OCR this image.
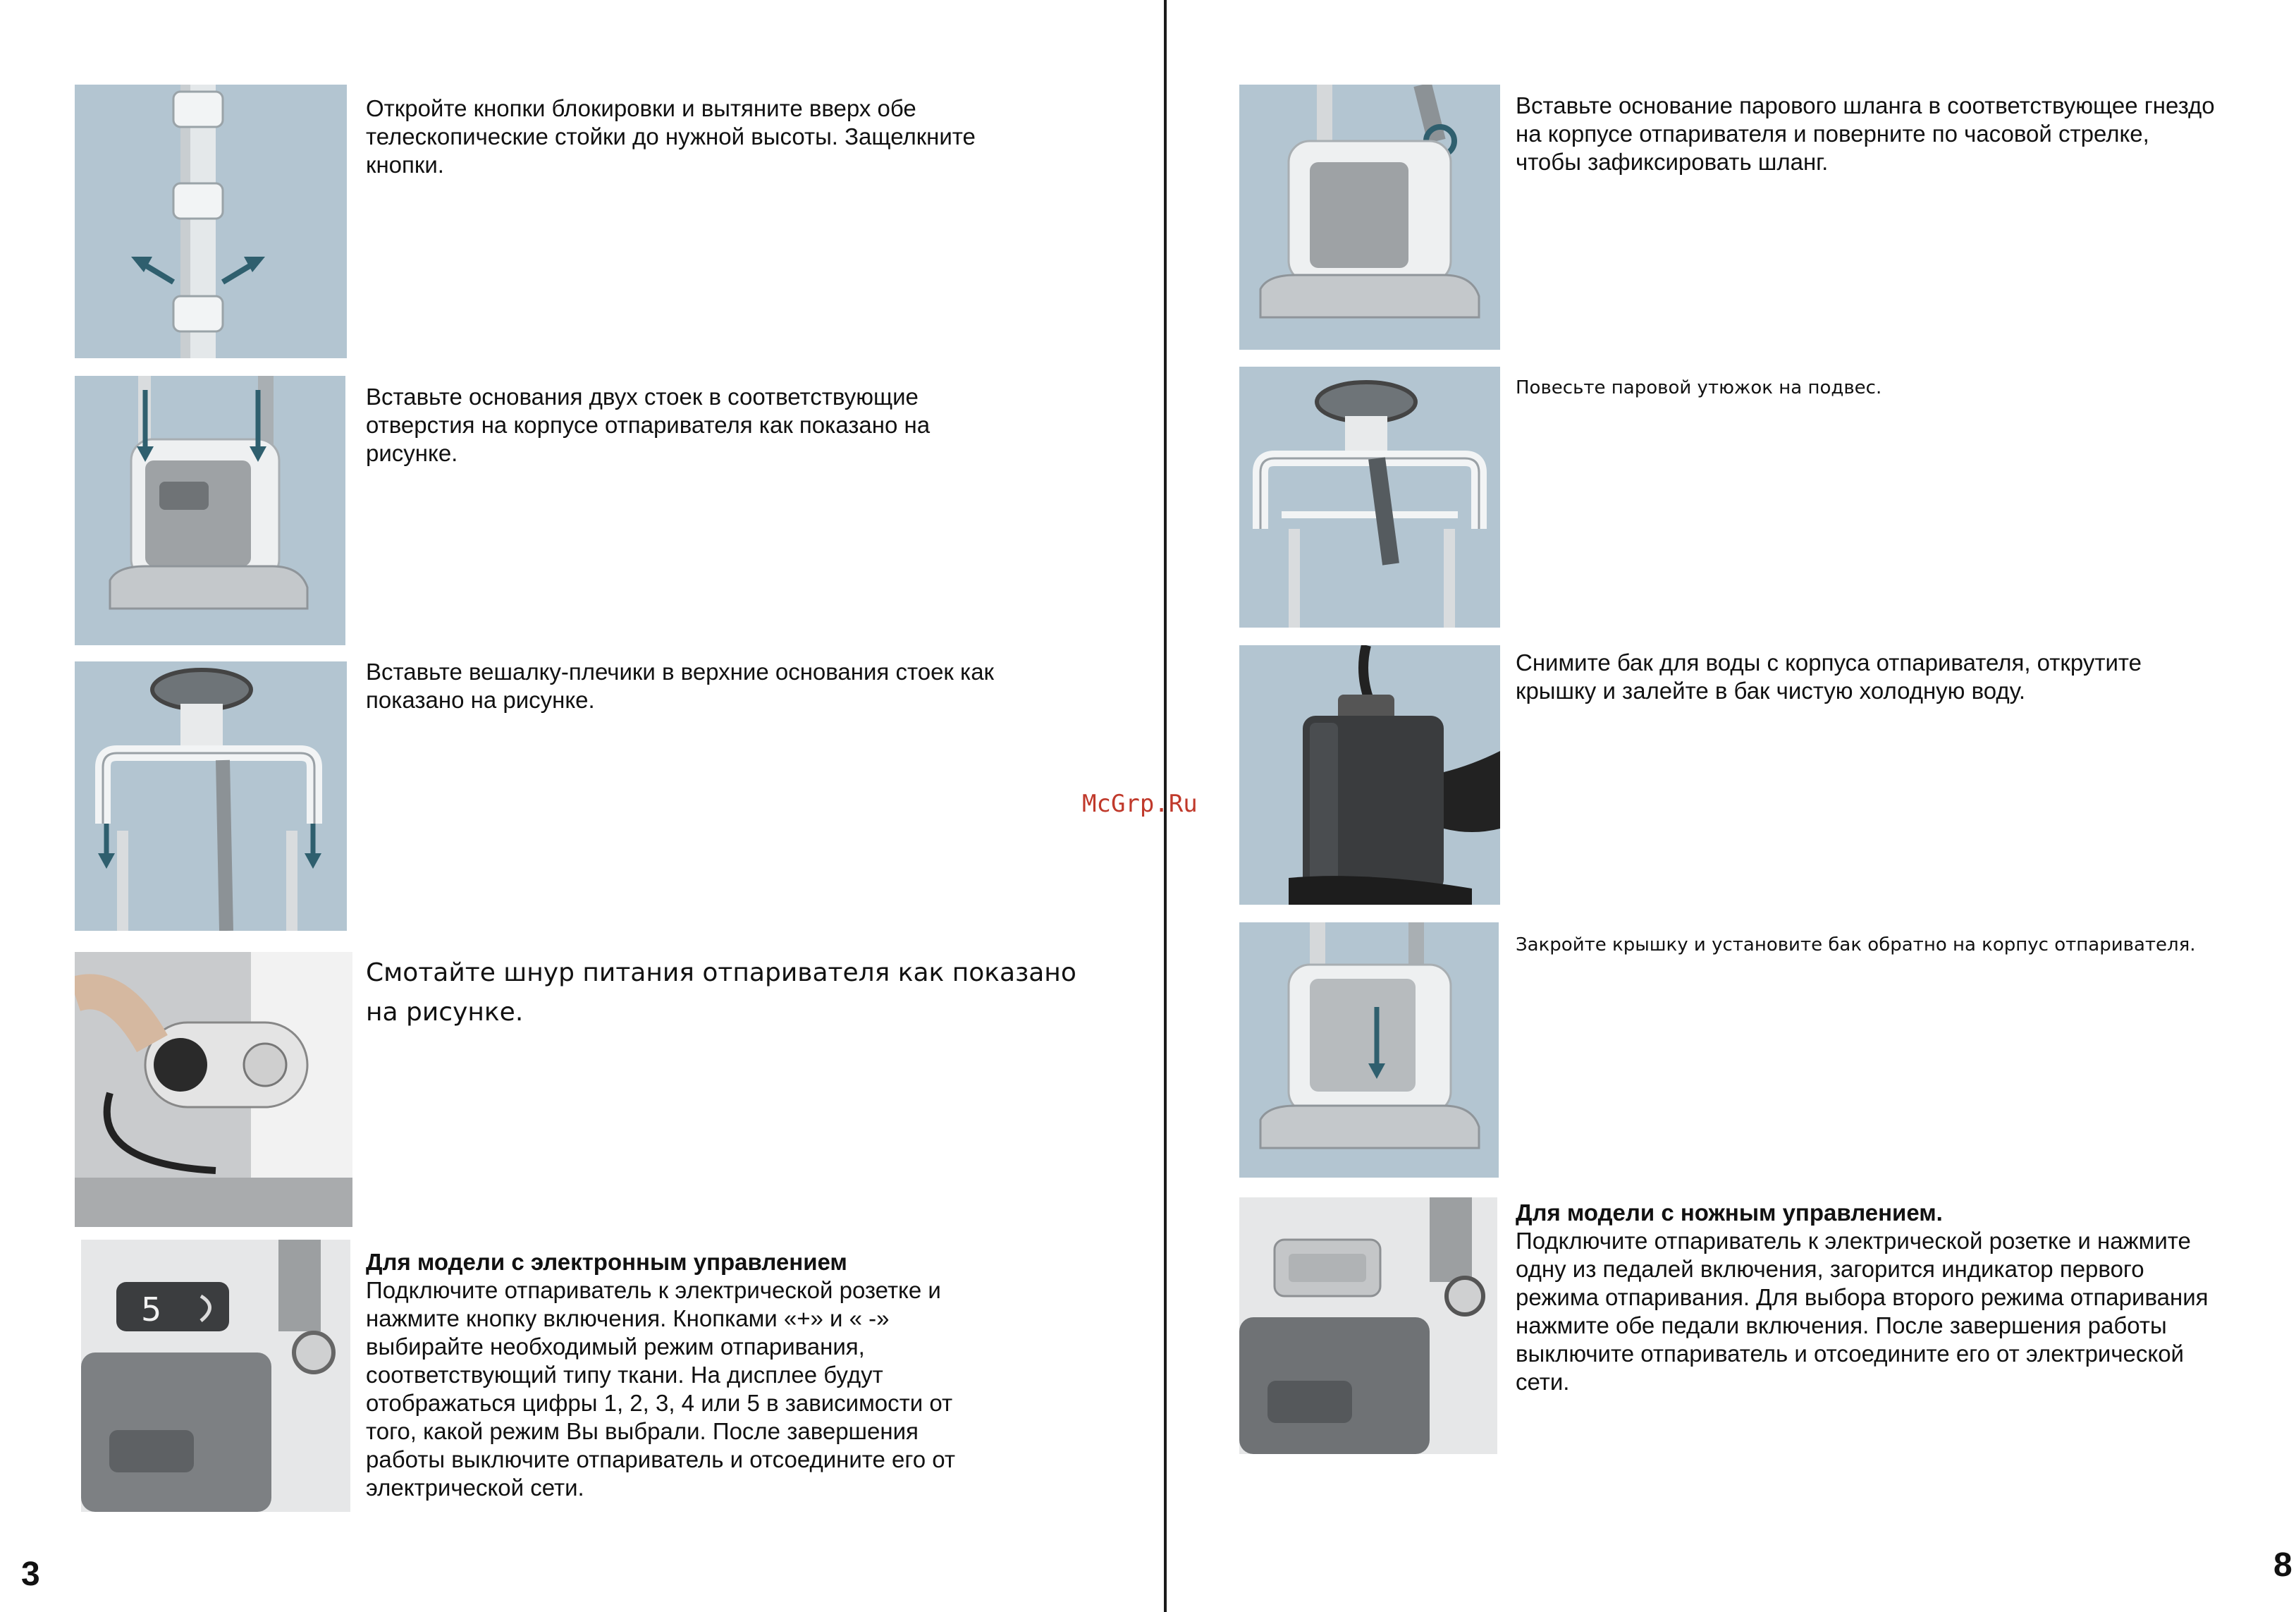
Откройте кнопки блокировки и вытяните вверх обе
телескопические стойки до нужной высоты. Защелкните
кнопки.
Вставьте основания двух стоек в соответствующие
отверстия на корпусе отпаривателя как показано на
рисунке.
Вставьте вешалку-плечики в верхние основания стоек как
показано на рисунке.
Смотайте шнур питания отпаривателя как показано
на рисунке.
5
Для модели с электронным управлением
Подключите отпариватель к электрической розетке и
нажмите кнопку включения. Кнопками «+» и « -»
выбирайте необходимый режим отпаривания,
соответствующий типу ткани. На дисплее будут
отображаться цифры 1, 2, 3, 4 или 5 в зависимости от
того, какой режим Вы выбрали. После завершения
работы выключите отпариватель и отсоедините его от
электрической сети.
3
McGrp.Ru
Вставьте основание парового шланга в соответствующее гнездо
на корпусе отпаривателя и поверните по часовой стрелке,
чтобы зафиксировать шланг.
Повесьте паровой утюжок на подвес.
Снимите бак для воды с корпуса отпаривателя, открутите
крышку и залейте в бак чистую холодную воду.
Закройте крышку и установите бак обратно на корпус отпаривателя.
Для модели с ножным управлением.
Подключите отпариватель к электрической розетке и нажмите
одну из педалей включения, загорится индикатор первого
режима отпаривания. Для выбора второго режима отпаривания
нажмите обе педали включения. После завершения работы
выключите отпариватель и отсоедините его от электрической
сети.
8
